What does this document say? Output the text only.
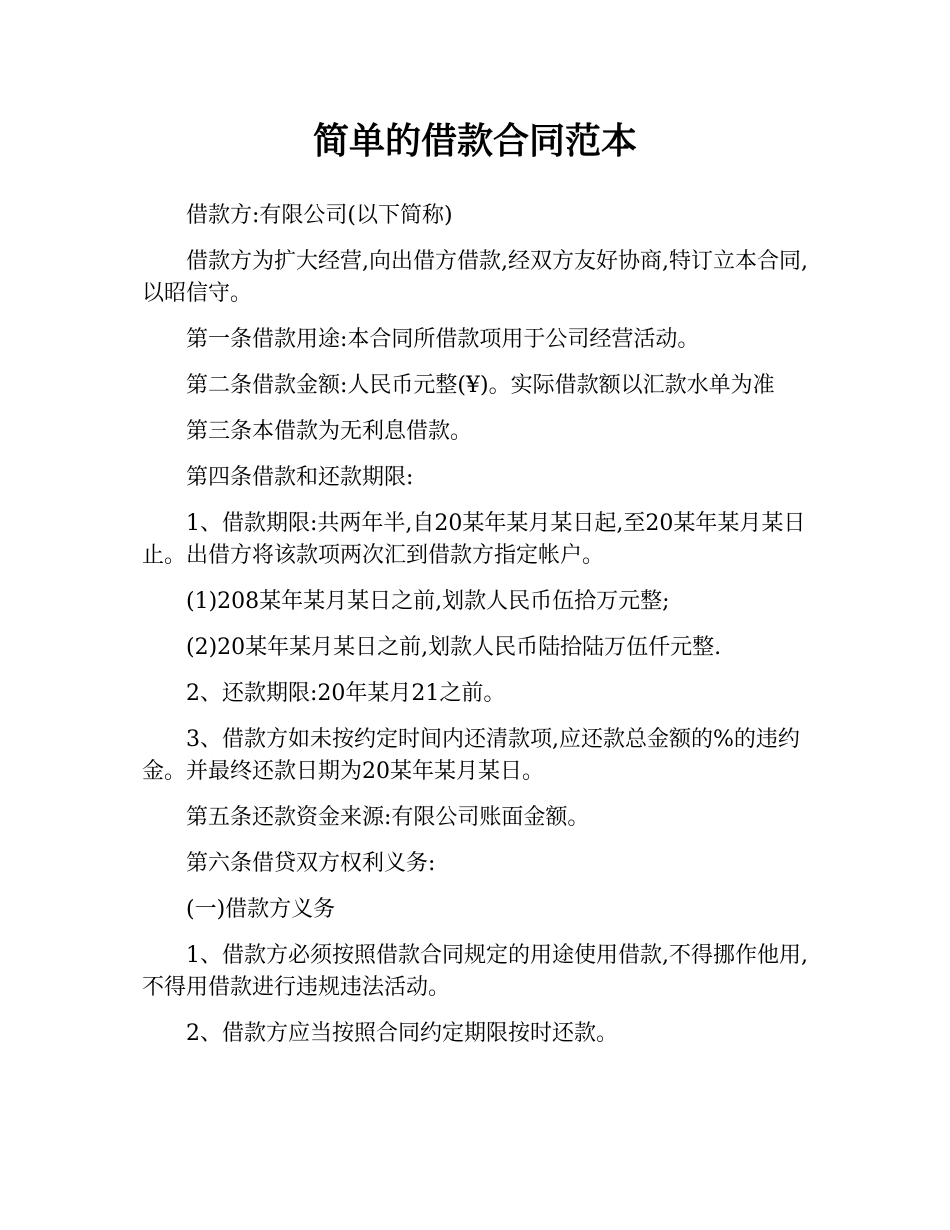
简单的借款合同范本

借款方:有限公司(以下简称)

借款方为扩大经营,向出借方借款,经双方友好协商,特订立本合同,以昭信守。

第一条借款用途:本合同所借款项用于公司经营活动。

第二条借款金额:人民币元整(¥)。实际借款额以汇款水单为准

第三条本借款为无利息借款。

第四条借款和还款期限:

1、借款期限:共两年半,自20某年某月某日起,至20某年某月某日止。出借方将该款项两次汇到借款方指定帐户。

(1)208某年某月某日之前,划款人民币伍拾万元整;

(2)20某年某月某日之前,划款人民币陆拾陆万伍仟元整.

2、还款期限:20年某月21之前。

3、借款方如未按约定时间内还清款项,应还款总金额的%的违约金。并最终还款日期为20某年某月某日。

第五条还款资金来源:有限公司账面金额。

第六条借贷双方权利义务:

(一)借款方义务

1、借款方必须按照借款合同规定的用途使用借款,不得挪作他用,不得用借款进行违规违法活动。

2、借款方应当按照合同约定期限按时还款。
